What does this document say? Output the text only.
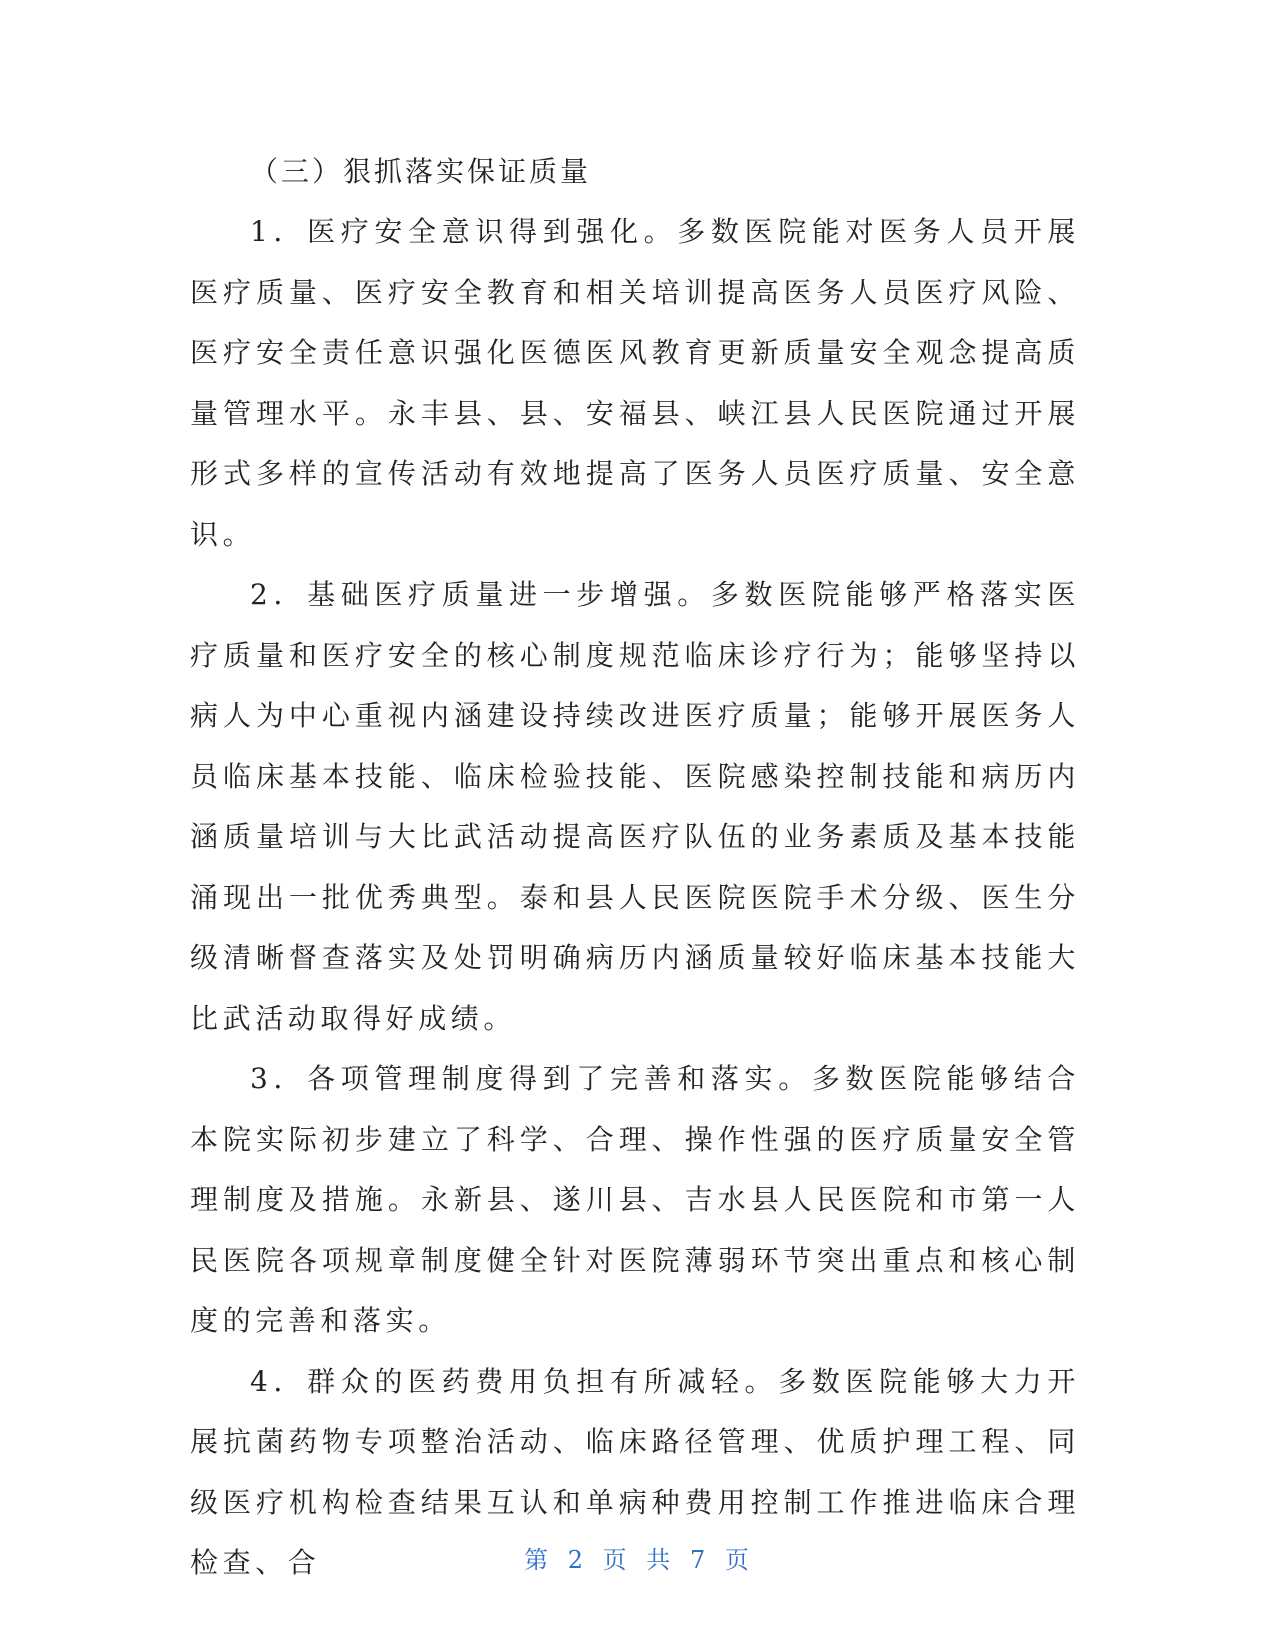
（三）狠抓落实保证质量

1．医疗安全意识得到强化。多数医院能对医务人员开展医疗质量、医疗安全教育和相关培训提高医务人员医疗风险、医疗安全责任意识强化医德医风教育更新质量安全观念提高质量管理水平。永丰县、县、安福县、峡江县人民医院通过开展形式多样的宣传活动有效地提高了医务人员医疗质量、安全意识。

2．基础医疗质量进一步增强。多数医院能够严格落实医疗质量和医疗安全的核心制度规范临床诊疗行为；能够坚持以病人为中心重视内涵建设持续改进医疗质量；能够开展医务人员临床基本技能、临床检验技能、医院感染控制技能和病历内涵质量培训与大比武活动提高医疗队伍的业务素质及基本技能涌现出一批优秀典型。泰和县人民医院医院手术分级、医生分级清晰督查落实及处罚明确病历内涵质量较好临床基本技能大比武活动取得好成绩。

3．各项管理制度得到了完善和落实。多数医院能够结合本院实际初步建立了科学、合理、操作性强的医疗质量安全管理制度及措施。永新县、遂川县、吉水县人民医院和市第一人民医院各项规章制度健全针对医院薄弱环节突出重点和核心制度的完善和落实。

4．群众的医药费用负担有所减轻。多数医院能够大力开展抗菌药物专项整治活动、临床路径管理、优质护理工程、同级医疗机构检查结果互认和单病种费用控制工作推进临床合理检查、合	第 2 页 共 7 页
